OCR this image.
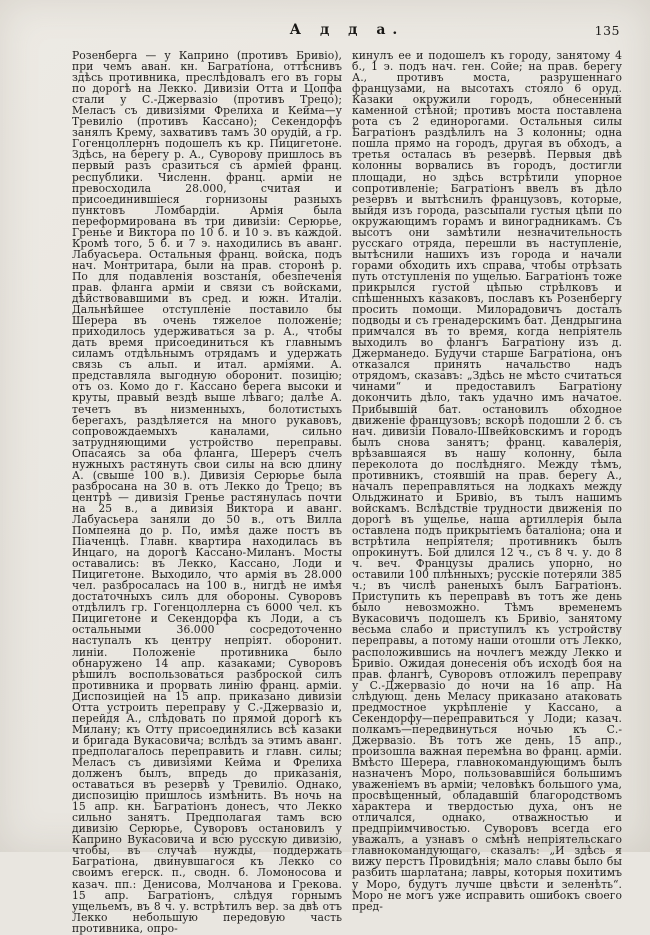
А д д а.	135
Розенберга — у Каприно (противъ Бривіо), при чемъ аван. кн. Багратіона, оттѣснивъ здѣсь противника, преслѣдовалъ его въ горы по дорогѣ на Лекко. Дивизіи Отта и Цопфа стали у С.-Джервазіо (противъ Трецо); Меласъ съ дивизіями Фрелиха и Кейма—у Тревиліо (противъ Кассано); Секендорфъ занялъ Крему, захвативъ тамъ 30 орудій, а гр. Гогенцоллернъ подошелъ къ кр. Пицигетоне. Здѣсь, на берегу р. А., Суворову пришлось въ первый разъ сразиться съ арміей франц. республики. Численн. франц. арміи не превосходила 28.000, считая и присоединившіеся горнизоны разныхъ пунктовъ Ломбардіи. Армія была переформирована въ три дивизіи: Серюрье, Гренье и Виктора по 10 б. и 10 э. въ каждой. Кромѣ того, 5 б. и 7 э. находились въ аванг. Лабуасьера. Остальныя франц. войска, подъ нач. Монтритара, были на прав. сторонѣ р. По для подавленія возстанія, обезпеченія прав. фланга арміи и связи съ войсками, дѣйствовавшими въ сред. и южн. Италіи. Дальнѣйшее отступленіе поставило бы Шерера въ очень тяжелое положеніе; приходилось удерживаться за р. А., чтобы дать время присоединиться къ главнымъ силамъ отдѣльнымъ отрядамъ и удержать связь съ альп. и итал. арміями. А. представляла выгодную оборонит. позицію; отъ оз. Комо до г. Кассано берега высоки и круты, правый вездѣ выше лѣваго; далѣе А. течетъ въ низменныхъ, болотистыхъ берегахъ, раздѣляется на много рукавовъ, сопровождаемыхъ каналами, сильно затрудняющими устройство переправы. Опасаясь за оба фланга, Шереръ счелъ нужныхъ растянуть свои силы на всю длину А. (свыше 100 в.). Дивизія Серюрье была разбросана на 30 в. отъ Лекко до Трецо; въ центрѣ — дивизія Гренье растянулась почти на 25 в., а дивизія Виктора и аванг. Лабуасьера заняли до 50 в., отъ Вилла Помпеяна до р. По, имѣя даже постъ въ Піаченцѣ. Главн. квартира находилась въ Инцаго, на дорогѣ Кассано-Миланъ. Мосты оставались: въ Лекко, Кассано, Лоди и Пицигетоне. Выходило, что армія въ 28.000 чел. разбросалась на 100 в., нигдѣ не имѣя достаточныхъ силъ для обороны. Суворовъ отдѣлилъ гр. Гогенцоллерна съ 6000 чел. къ Пицигетоне и Секендорфа къ Лоди, а съ остальными 36.000 сосредоточенно наступалъ къ центру непріят. оборонит. линіи. Положеніе противника было обнаружено 14 апр. казаками; Суворовъ рѣшилъ воспользоваться разброской силъ противника и прорвать линію франц. арміи. Диспозиціей на 15 апр. приказано дивизіи Отта устроить переправу у С.-Джервазіо и, перейдя А., слѣдовать по прямой дорогѣ къ Милану; къ Отту присоединялись всѣ казаки и бригада Вукасовича; вслѣдъ за этимъ аванг. предполагалось переправить и главн. силы; Меласъ съ дивизіями Кейма и Фрелиха долженъ былъ, впредь до приказанія, оставаться въ резервѣ у Тревиліо. Однако, диспозицію пришлось измѣнить. Въ ночь на 15 апр. кн. Багратіонъ донесъ, что Лекко сильно занятъ. Предполагая тамъ всю дивизію Серюрье, Суворовъ остановилъ у Каприно Вукасовича и всю русскую дивизію, чтобы, въ случаѣ нужды, поддержать Багратіона, двинувшагося къ Лекко со своимъ егерск. п., сводн. б. Ломоносова и казач. пп.: Денисова, Молчанова и Грекова. 15 апр. Багратіонъ, слѣдуя горнымъ ущельемъ, въ 8 ч. у. встрѣтилъ вер. за двѣ отъ Лекко небольшую передовую часть противника, опро-
кинулъ ее и подошелъ къ городу, занятому 4 б., 1 э. подъ нач. ген. Сойе; на прав. берегу А., противъ моста, разрушеннаго французами, на высотахъ стояло 6 оруд. Казаки окружили городъ, обнесенный каменной стѣной; противъ моста поставлена рота съ 2 единорогами. Остальныя силы Багратіонъ раздѣлилъ на 3 колонны; одна пошла прямо на городъ, другая въ обходъ, а третья осталась въ резервѣ. Первыя двѣ колонны ворвались въ городъ, достигли площади, но здѣсь встрѣтили упорное сопротивленіе; Багратіонъ ввелъ въ дѣло резервъ и вытѣснилъ французовъ, которые, выйдя изъ города, разсыпали густыя цѣпи по окружающимъ горамъ и виноградникамъ. Съ высотъ они замѣтили незначительность русскаго отряда, перешли въ наступленіе, вытѣснили нашихъ изъ города и начали горами обходить ихъ справа, чтобы отрѣзать путь отступленія по ущелью. Багратіонъ тоже прикрылся густой цѣпью стрѣлковъ и спѣшенныхъ казаковъ, пославъ къ Розенбергу просить помощи. Милорадовичъ досталъ подводы и съ гренадерскимъ бат. Дендрыгина примчался въ то время, когда непріятель выходилъ во флангъ Багратіону изъ д. Джерманедо. Будучи старше Багратіона, онъ отказался принять начальство надъ отрядомъ, сказавъ: „Здѣсь не мѣсто считаться чинами“ и предоставилъ Багратіону докончить дѣло, такъ удачно имъ начатое. Прибывшій бат. остановилъ обходное движеніе французовъ; вскорѣ подошли 2 б. съ нач. дивизіи Повало-Швейковскимъ и городъ былъ снова занятъ; франц. кавалерія, врѣзавшаяся въ нашу колонну, была переколота до послѣдняго. Между тѣмъ, противникъ, стоявшій на прав. берегу А., началъ переправляться на лодкахъ между Ольджинато и Бривіо, въ тылъ нашимъ войскамъ. Вслѣдствіе трудности движенія по дорогѣ въ ущелье, наша артиллерія была оставлена подъ прикрытіемъ баталіона; она и встрѣтила непріятеля; противникъ былъ опрокинутъ. Бой длился 12 ч., съ 8 ч. у. до 8 ч. веч. Французы дрались упорно, но оставили 100 плѣнныхъ; русскіе потеряли 385 ч.; въ числѣ раненыхъ былъ Багратіонъ. Приступить къ переправѣ въ тотъ же день было невозможно. Тѣмъ временемъ Вукасовичъ подошелъ къ Бривіо, занятому весьма слабо и приступилъ къ устройству переправы, а потому наши отошли отъ Лекко, расположившись на ночлегъ между Лекко и Бривіо. Ожидая донесенія объ исходѣ боя на прав. флангѣ, Суворовъ отложилъ переправу у С.-Джервазіо до ночи на 16 апр. На слѣдующ. день Меласу приказано атаковать предмостное укрѣпленіе у Кассано, а Секендорфу—переправиться у Лоди; казач. полкамъ—передвинуться ночью къ С.-Джервазіо. Въ тотъ же день, 15 апр., произошла важная перемѣна во франц. арміи. Вмѣсто Шерера, главнокомандующимъ былъ назначенъ Моро, пользовавшійся большимъ уваженіемъ въ арміи; человѣкъ большого ума, просвѣщенный, обладавшій благородствомъ характера и твердостью духа, онъ не отличался, однако, отважностью и предпріимчивостью. Суворовъ всегда его уважалъ, а узнавъ о смѣнѣ непріятельскаго главнокомандующаго, сказалъ: „И здѣсь я вижу перстъ Провидѣнія; мало славы было бы разбить шарлатана; лавры, которыя похитимъ у Моро, будутъ лучше цвѣсти и зеленѣть“. Моро не могъ уже исправить ошибокъ своего пред-
